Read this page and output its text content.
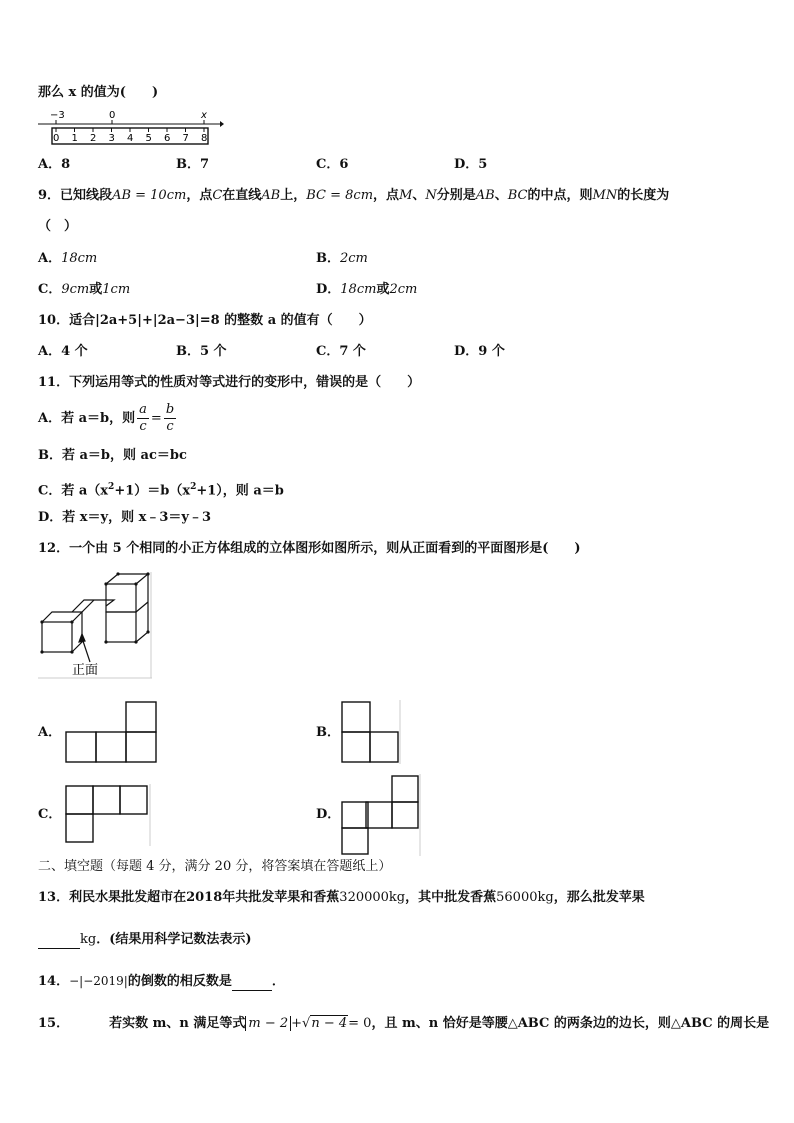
那么 x 的值为(　　)
−3	0	x
0 1 2 3 4 5 6 7 8
A．8	B．7	C．6	D．5
9．已知线段AB = 10cm，点C在直线AB上，BC = 8cm，点M、N分别是AB、BC的中点，则MN的长度为
（　）
A．18cm	B．2cm
C．9cm或1cm	D．18cm或2cm
10．适合|2a+5|+|2a−3|=8 的整数 a 的值有（　　）
A．4 个	B．5 个	C．7 个	D．9 个
11．下列运用等式的性质对等式进行的变形中，错误的是（　　）
A．若 a＝b，则 $\frac{a}{c} = \frac{b}{c}$
B．若 a＝b，则 ac＝bc
C．若 $a(x^2+1)=b(x^2+1)$，则 a＝b
D．若 x＝y，则 x﹣3＝y﹣3
12．一个由 5 个相同的小正方体组成的立体图形如图所示，则从正面看到的平面图形是(　　)
正面
A．	B．
C．	D．
二、填空题（每题 4 分，满分 20 分，将答案填在答题纸上）
13．利民水果批发超市在2018年共批发苹果和香蕉320000kg，其中批发香蕉56000kg，那么批发苹果
kg．(结果用科学记数法表示)
14．−|−2019|的倒数的相反数是	．
15．	若实数 m、n 满足等式 m − 2 +√n − 4= 0，且 m、n 恰好是等腰△ABC 的两条边的边长，则△ABC 的周长是
